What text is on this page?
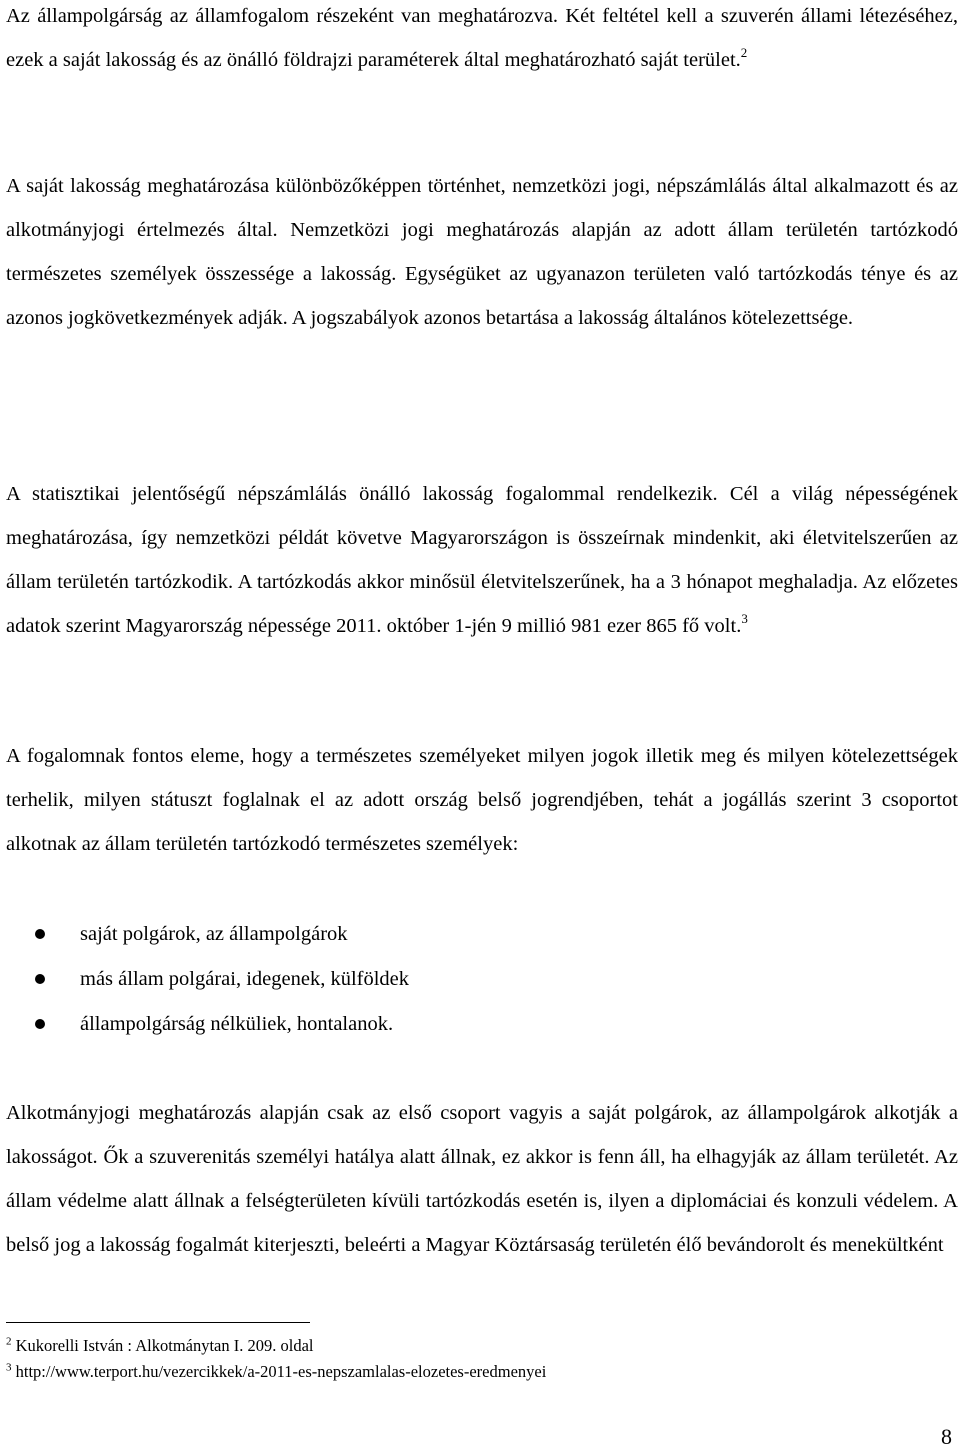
Az állampolgárság az államfogalom részeként van meghatározva. Két feltétel kell a szuverén állami létezéséhez, ezek a saját lakosság és az önálló földrajzi paraméterek által meghatározható saját terület.$^2$

A saját lakosság meghatározása különbözőképpen történhet, nemzetközi jogi, népszámlálás által alkalmazott és az alkotmányjogi értelmezés által. Nemzetközi jogi meghatározás alapján az adott állam területén tartózkodó természetes személyek összessége a lakosság. Egységüket az ugyanazon területen való tartózkodás ténye és az azonos jogkövetkezmények adják. A jogszabályok azonos betartása a lakosság általános kötelezettsége.

A statisztikai jelentőségű népszámlálás önálló lakosság fogalommal rendelkezik. Cél a világ népességének meghatározása, így nemzetközi példát követve Magyarországon is összeírnak mindenkit, aki életvitelszerűen az állam területén tartózkodik. A tartózkodás akkor minősül életvitelszerűnek, ha a 3 hónapot meghaladja. Az előzetes adatok szerint Magyarország népessége 2011. október 1-jén 9 millió 981 ezer 865 fő volt.$^3$

A fogalomnak fontos eleme, hogy a természetes személyeket milyen jogok illetik meg és milyen kötelezettségek terhelik, milyen státuszt foglalnak el az adott ország belső jogrendjében, tehát a jogállás szerint 3 csoportot alkotnak az állam területén tartózkodó természetes személyek:

saját polgárok, az állampolgárok
más állam polgárai, idegenek, külföldek
állampolgárság nélküliek, hontalanok.

Alkotmányjogi meghatározás alapján csak az első csoport vagyis a saját polgárok, az állampolgárok alkotják a lakosságot. Ők a szuverenitás személyi hatálya alatt állnak, ez akkor is fenn áll, ha elhagyják az állam területét. Az állam védelme alatt állnak a felségterületen kívüli tartózkodás esetén is, ilyen a diplomáciai és konzuli védelem. A belső jog a lakosság fogalmát kiterjeszti, beleérti a Magyar Köztársaság területén élő bevándorolt és menekültként

$^2$ Kukorelli István : Alkotmánytan I. 209. oldal
$^3$ http://www.terport.hu/vezercikkek/a-2011-es-nepszamlalas-elozetes-eredmenyei
8
